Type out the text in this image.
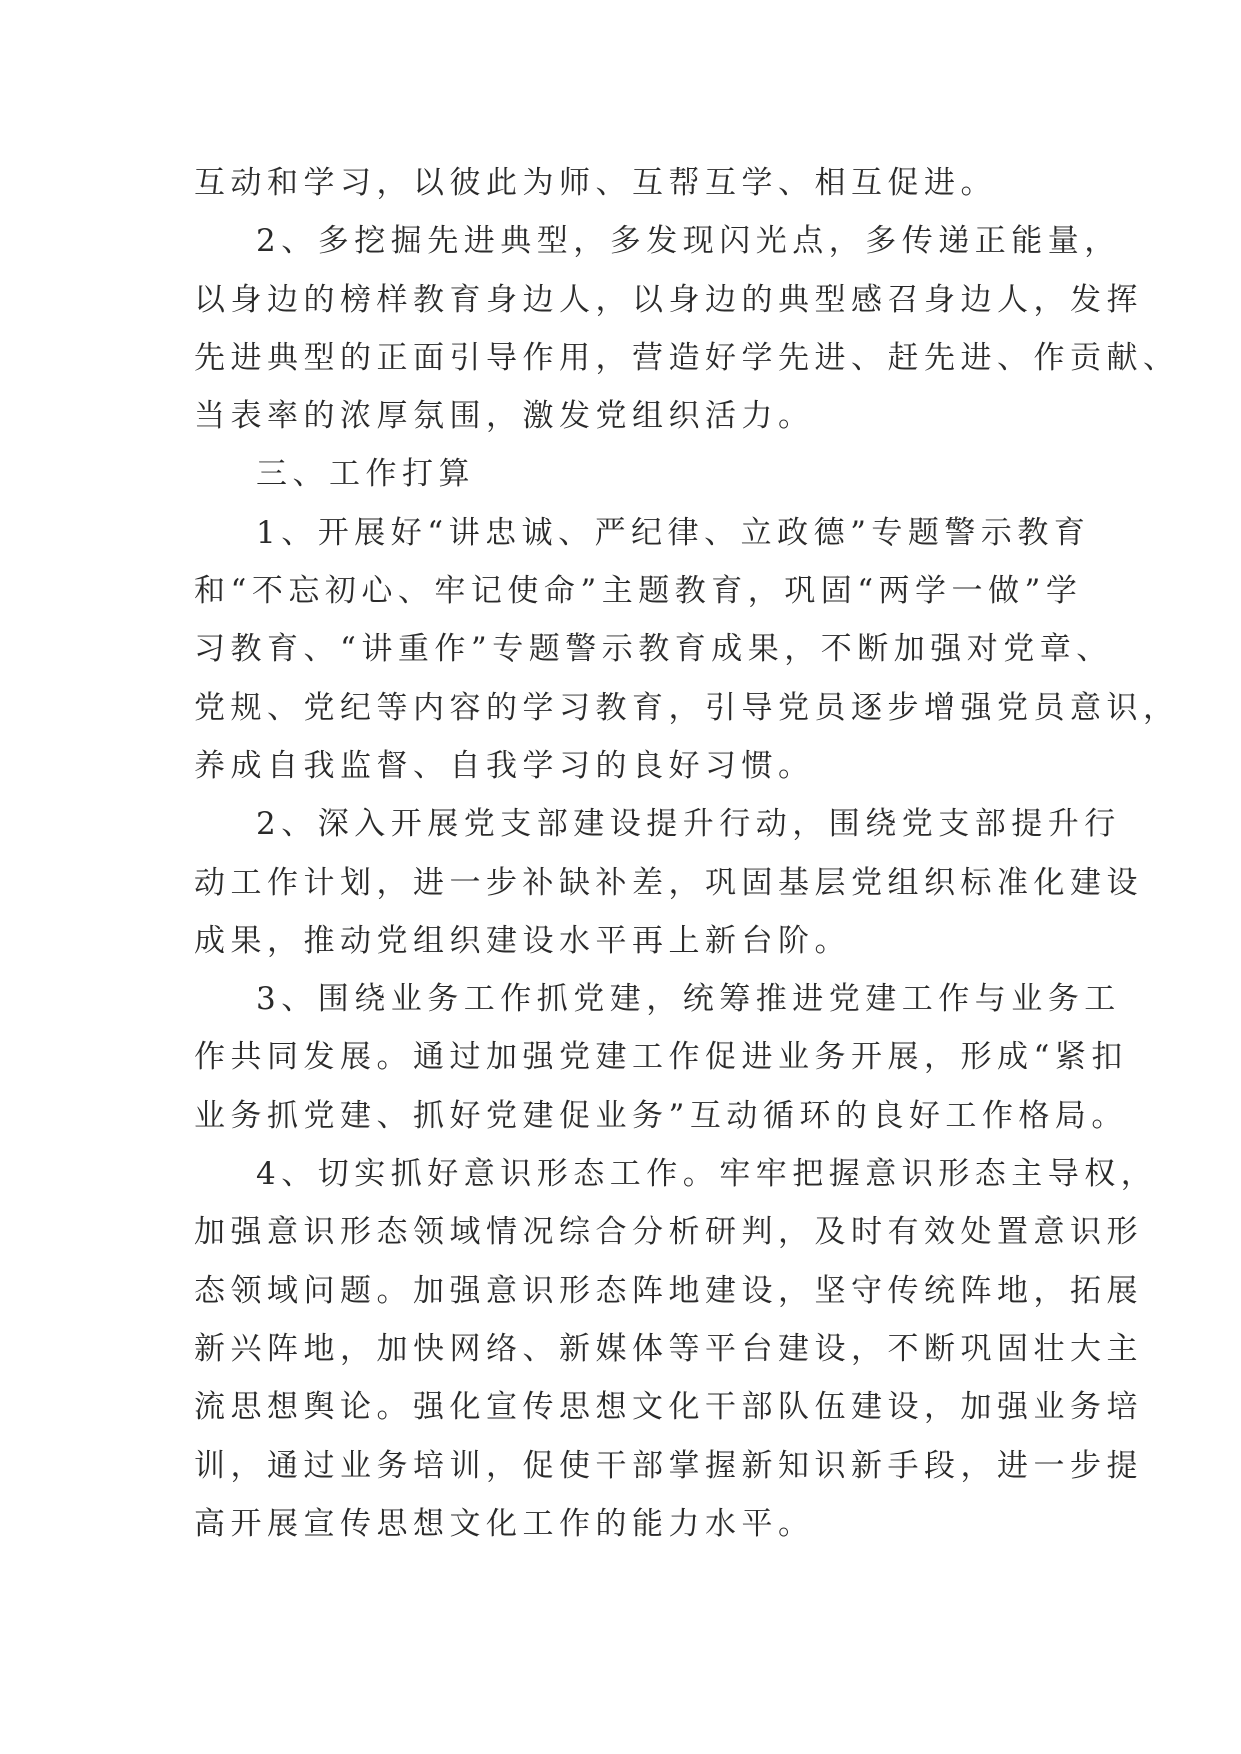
互动和学习，以彼此为师、互帮互学、相互促进。
2、多挖掘先进典型，多发现闪光点，多传递正能量，
以身边的榜样教育身边人，以身边的典型感召身边人，发挥
先进典型的正面引导作用，营造好学先进、赶先进、作贡献、
当表率的浓厚氛围，激发党组织活力。
三、工作打算
1、开展好“讲忠诚、严纪律、立政德”专题警示教育
和“不忘初心、牢记使命”主题教育，巩固“两学一做”学
习教育、“讲重作”专题警示教育成果，不断加强对党章、
党规、党纪等内容的学习教育，引导党员逐步增强党员意识，
养成自我监督、自我学习的良好习惯。
2、深入开展党支部建设提升行动，围绕党支部提升行
动工作计划，进一步补缺补差，巩固基层党组织标准化建设
成果，推动党组织建设水平再上新台阶。
3、围绕业务工作抓党建，统筹推进党建工作与业务工
作共同发展。通过加强党建工作促进业务开展，形成“紧扣
业务抓党建、抓好党建促业务”互动循环的良好工作格局。
4、切实抓好意识形态工作。牢牢把握意识形态主导权，
加强意识形态领域情况综合分析研判，及时有效处置意识形
态领域问题。加强意识形态阵地建设，坚守传统阵地，拓展
新兴阵地，加快网络、新媒体等平台建设，不断巩固壮大主
流思想舆论。强化宣传思想文化干部队伍建设，加强业务培
训，通过业务培训，促使干部掌握新知识新手段，进一步提
高开展宣传思想文化工作的能力水平。
